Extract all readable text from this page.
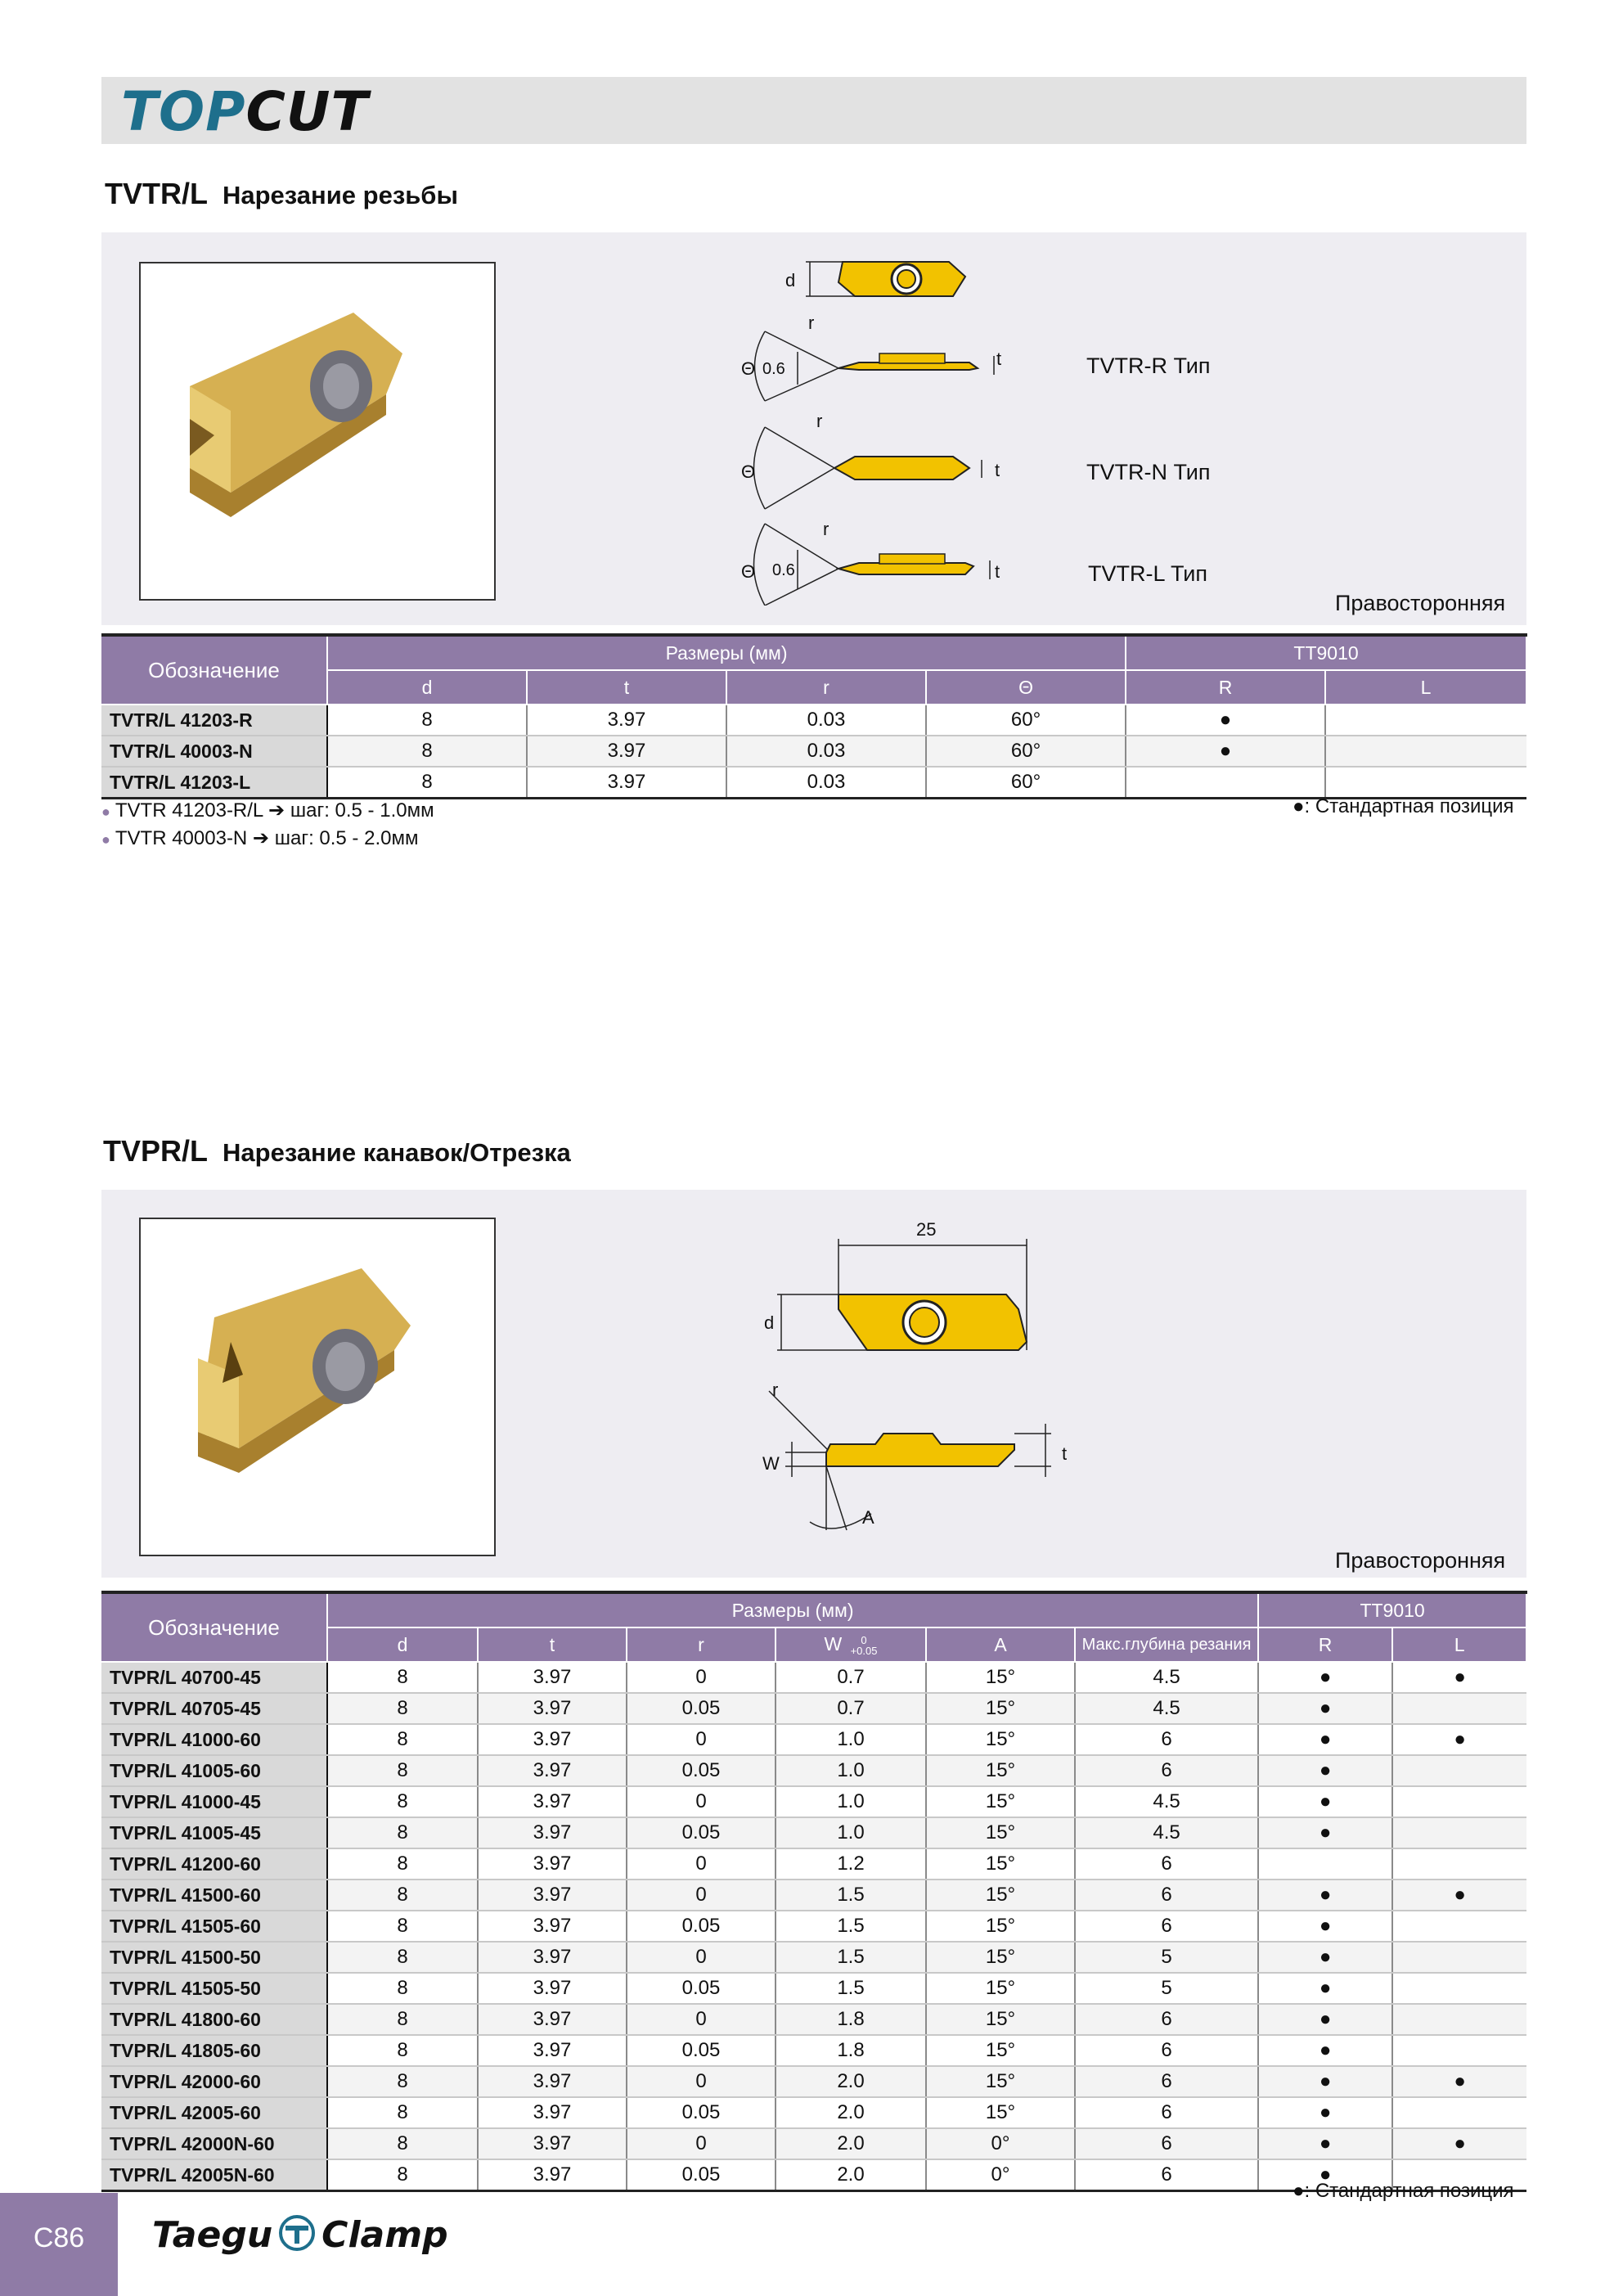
TOPCUT
TVTR/L Нарезание резьбы
d
r
Θ 0.6	t
r
Θ	t
r
Θ 0.6	t
TVTR-R Тип
TVTR-N Тип
TVTR-L Тип
Правосторонняя
Обозначение	Размеры (мм)				TT9010	
	d	t	r	Θ	R	L
TVTR/L 41203-R	8	3.97	0.03	60°	●	
TVTR/L 40003-N	8	3.97	0.03	60°	●	
TVTR/L 41203-L	8	3.97	0.03	60°		
● TVTR 41203-R/L ➔ шаг: 0.5 - 1.0мм
● TVTR 40003-N ➔ шаг: 0.5 - 2.0мм
●: Стандартная позиция
TVPR/L Нарезание канавок/Отрезка
25
d
r
W	t
A
Правосторонняя
Обозначение	Размеры (мм)						TT9010	
	d	t	r	W 0
+0.05	A	Макс.глубина резания	R	L
TVPR/L 40700-45	8	3.97	0	0.7	15°	4.5	●	●
TVPR/L 40705-45	8	3.97	0.05	0.7	15°	4.5	●	
TVPR/L 41000-60	8	3.97	0	1.0	15°	6	●	●
TVPR/L 41005-60	8	3.97	0.05	1.0	15°	6	●	
TVPR/L 41000-45	8	3.97	0	1.0	15°	4.5	●	
TVPR/L 41005-45	8	3.97	0.05	1.0	15°	4.5	●	
TVPR/L 41200-60	8	3.97	0	1.2	15°	6		
TVPR/L 41500-60	8	3.97	0	1.5	15°	6	●	●
TVPR/L 41505-60	8	3.97	0.05	1.5	15°	6	●	
TVPR/L 41500-50	8	3.97	0	1.5	15°	5	●	
TVPR/L 41505-50	8	3.97	0.05	1.5	15°	5	●	
TVPR/L 41800-60	8	3.97	0	1.8	15°	6	●	
TVPR/L 41805-60	8	3.97	0.05	1.8	15°	6	●	
TVPR/L 42000-60	8	3.97	0	2.0	15°	6	●	●
TVPR/L 42005-60	8	3.97	0.05	2.0	15°	6	●	
TVPR/L 42000N-60	8	3.97	0	2.0	0°	6	●	●
TVPR/L 42005N-60	8	3.97	0.05	2.0	0°	6	●	
●: Стандартная позиция
C86	Taegu Clamp
